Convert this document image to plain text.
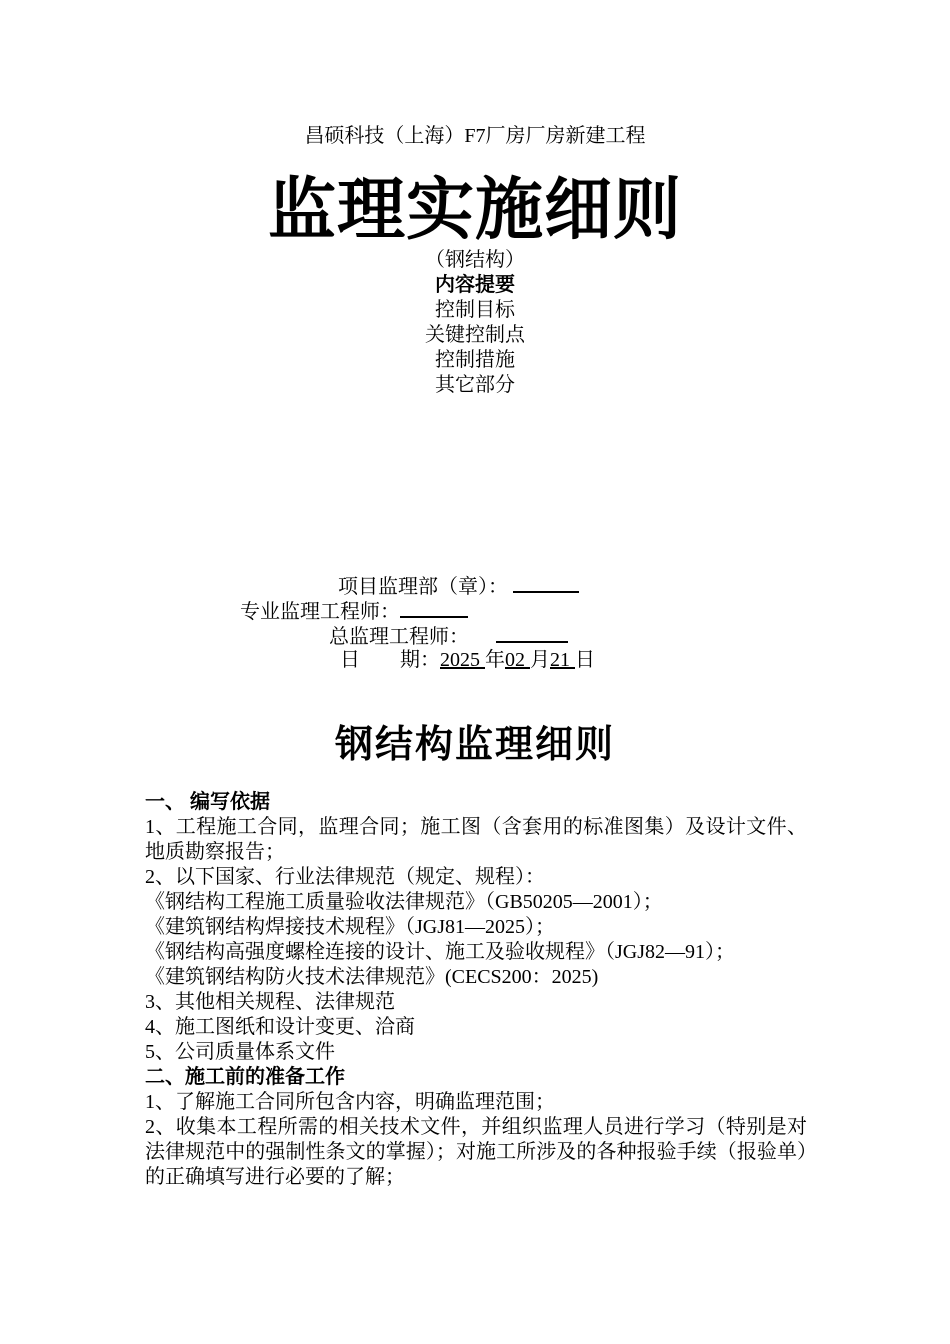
昌硕科技（上海）F7厂房厂房新建工程
监理实施细则
（钢结构）
内容提要
控制目标
关键控制点
控制措施
其它部分
项目监理部（章）：
专业监理工程师：
总监理工程师：
日　　期：2025 年02 月21 日
钢结构监理细则

一、 编写依据

1、工程施工合同，监理合同；施工图（含套用的标准图集）及设计文件、地质勘察报告；

2、以下国家、行业法律规范（规定、规程）：

《钢结构工程施工质量验收法律规范》（GB50205—2001）；

《建筑钢结构焊接技术规程》（JGJ81—2025）；

《钢结构高强度螺栓连接的设计、施工及验收规程》（JGJ82—91）；

《建筑钢结构防火技术法律规范》(CECS200：2025)

3、其他相关规程、法律规范

4、施工图纸和设计变更、洽商

5、公司质量体系文件

二、施工前的准备工作

1、了解施工合同所包含内容，明确监理范围；

2、收集本工程所需的相关技术文件，并组织监理人员进行学习（特别是对法律规范中的强制性条文的掌握）；对施工所涉及的各种报验手续（报验单）的正确填写进行必要的了解；
